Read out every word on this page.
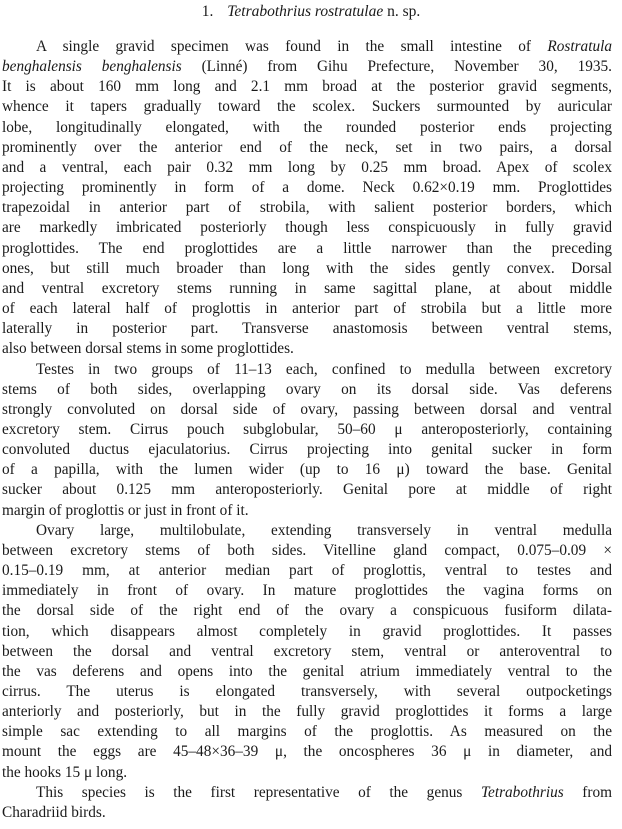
1. Tetrabothrius rostratulae n. sp.
A single gravid specimen was found in the small intestine of Rostratula
benghalensis benghalensis (Linné) from Gihu Prefecture, November 30, 1935.
It is about 160 mm long and 2.1 mm broad at the posterior gravid segments,
whence it tapers gradually toward the scolex. Suckers surmounted by auricular
lobe, longitudinally elongated, with the rounded posterior ends projecting
prominently over the anterior end of the neck, set in two pairs, a dorsal
and a ventral, each pair 0.32 mm long by 0.25 mm broad. Apex of scolex
projecting prominently in form of a dome. Neck 0.62×0.19 mm. Proglottides
trapezoidal in anterior part of strobila, with salient posterior borders, which
are markedly imbricated posteriorly though less conspicuously in fully gravid
proglottides. The end proglottides are a little narrower than the preceding
ones, but still much broader than long with the sides gently convex. Dorsal
and ventral excretory stems running in same sagittal plane, at about middle
of each lateral half of proglottis in anterior part of strobila but a little more
laterally in posterior part. Transverse anastomosis between ventral stems,
also between dorsal stems in some proglottides.
Testes in two groups of 11–13 each, confined to medulla between excretory
stems of both sides, overlapping ovary on its dorsal side. Vas deferens
strongly convoluted on dorsal side of ovary, passing between dorsal and ventral
excretory stem. Cirrus pouch subglobular, 50–60 μ anteroposteriorly, containing
convoluted ductus ejaculatorius. Cirrus projecting into genital sucker in form
of a papilla, with the lumen wider (up to 16 μ) toward the base. Genital
sucker about 0.125 mm anteroposteriorly. Genital pore at middle of right
margin of proglottis or just in front of it.
Ovary large, multilobulate, extending transversely in ventral medulla
between excretory stems of both sides. Vitelline gland compact, 0.075–0.09 ×
0.15–0.19 mm, at anterior median part of proglottis, ventral to testes and
immediately in front of ovary. In mature proglottides the vagina forms on
the dorsal side of the right end of the ovary a conspicuous fusiform dilata-
tion, which disappears almost completely in gravid proglottides. It passes
between the dorsal and ventral excretory stem, ventral or anteroventral to
the vas deferens and opens into the genital atrium immediately ventral to the
cirrus. The uterus is elongated transversely, with several outpocketings
anteriorly and posteriorly, but in the fully gravid proglottides it forms a large
simple sac extending to all margins of the proglottis. As measured on the
mount the eggs are 45–48×36–39 μ, the oncospheres 36 μ in diameter, and
the hooks 15 μ long.
This species is the first representative of the genus Tetrabothrius from
Charadriid birds.
